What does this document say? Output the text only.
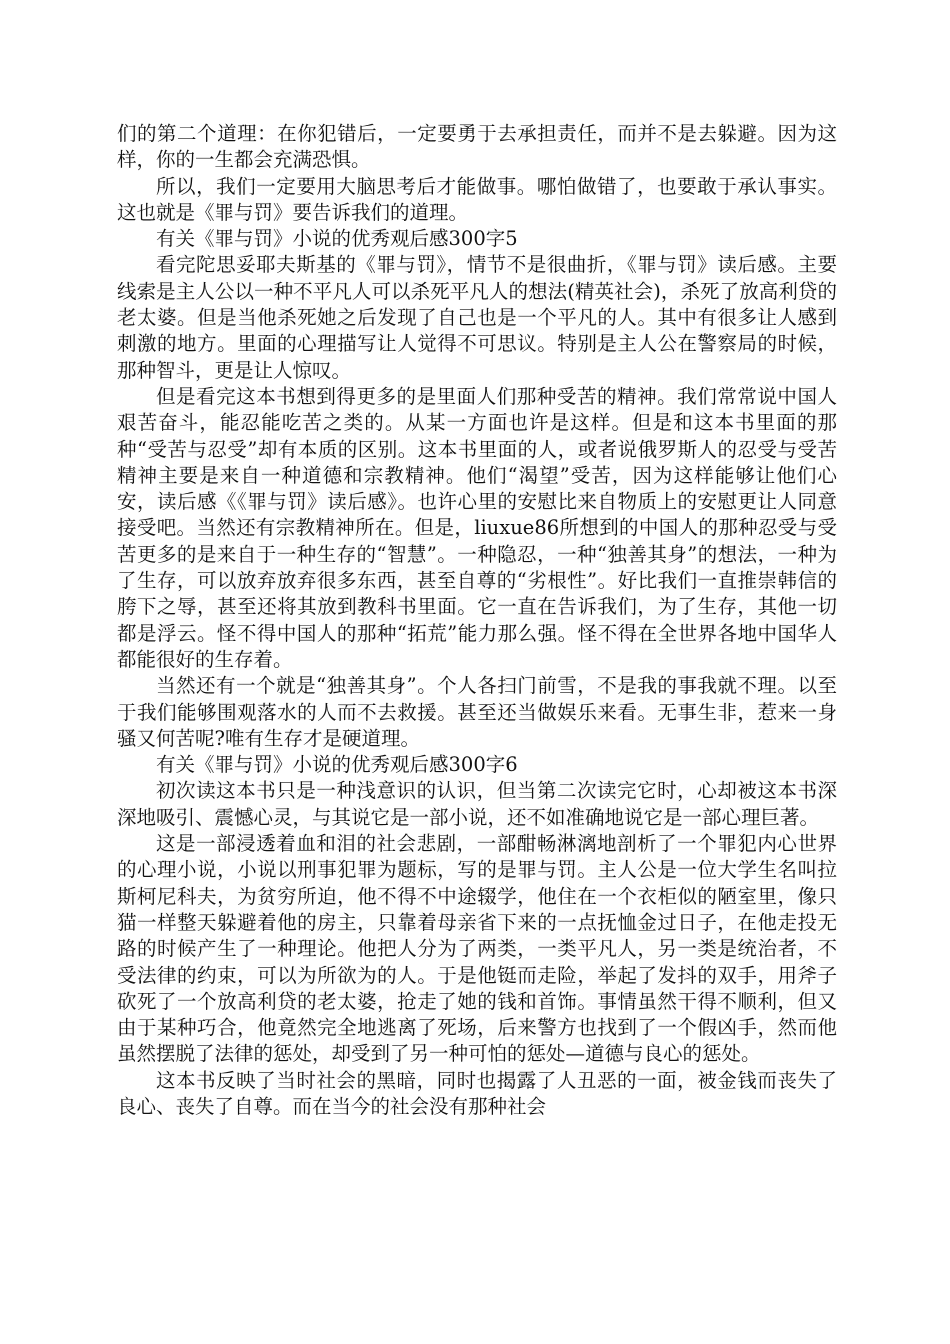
们的第二个道理：在你犯错后，一定要勇于去承担责任，而并不是去躲避。因为这样，你的一生都会充满恐惧。

所以，我们一定要用大脑思考后才能做事。哪怕做错了，也要敢于承认事实。这也就是《罪与罚》要告诉我们的道理。

有关《罪与罚》小说的优秀观后感300字5

看完陀思妥耶夫斯基的《罪与罚》，情节不是很曲折，《罪与罚》读后感。主要线索是主人公以一种不平凡人可以杀死平凡人的想法(精英社会)，杀死了放高利贷的老太婆。但是当他杀死她之后发现了自己也是一个平凡的人。其中有很多让人感到刺激的地方。里面的心理描写让人觉得不可思议。特别是主人公在警察局的时候，那种智斗，更是让人惊叹。

但是看完这本书想到得更多的是里面人们那种受苦的精神。我们常常说中国人艰苦奋斗，能忍能吃苦之类的。从某一方面也许是这样。但是和这本书里面的那种“受苦与忍受”却有本质的区别。这本书里面的人，或者说俄罗斯人的忍受与受苦精神主要是来自一种道德和宗教精神。他们“渴望”受苦，因为这样能够让他们心安，读后感《《罪与罚》读后感》。也许心里的安慰比来自物质上的安慰更让人同意接受吧。当然还有宗教精神所在。但是，liuxue86所想到的中国人的那种忍受与受苦更多的是来自于一种生存的“智慧”。一种隐忍，一种“独善其身”的想法，一种为了生存，可以放弃放弃很多东西，甚至自尊的“劣根性”。好比我们一直推崇韩信的胯下之辱，甚至还将其放到教科书里面。它一直在告诉我们，为了生存，其他一切都是浮云。怪不得中国人的那种“拓荒”能力那么强。怪不得在全世界各地中国华人都能很好的生存着。

当然还有一个就是“独善其身”。个人各扫门前雪，不是我的事我就不理。以至于我们能够围观落水的人而不去救援。甚至还当做娱乐来看。无事生非，惹来一身骚又何苦呢?唯有生存才是硬道理。

有关《罪与罚》小说的优秀观后感300字6

初次读这本书只是一种浅意识的认识，但当第二次读完它时，心却被这本书深深地吸引、震憾心灵，与其说它是一部小说，还不如准确地说它是一部心理巨著。

这是一部浸透着血和泪的社会悲剧，一部酣畅淋漓地剖析了一个罪犯内心世界的心理小说，小说以刑事犯罪为题标，写的是罪与罚。主人公是一位大学生名叫拉斯柯尼科夫，为贫穷所迫，他不得不中途辍学，他住在一个衣柜似的陋室里，像只猫一样整天躲避着他的房主，只靠着母亲省下来的一点抚恤金过日子，在他走投无路的时候产生了一种理论。他把人分为了两类，一类平凡人，另一类是统治者，不受法律的约束，可以为所欲为的人。于是他铤而走险，举起了发抖的双手，用斧子砍死了一个放高利贷的老太婆，抢走了她的钱和首饰。事情虽然干得不顺利，但又由于某种巧合，他竟然完全地逃离了死场，后来警方也找到了一个假凶手，然而他虽然摆脱了法律的惩处，却受到了另一种可怕的惩处—道德与良心的惩处。

这本书反映了当时社会的黑暗，同时也揭露了人丑恶的一面，被金钱而丧失了良心、丧失了自尊。而在当今的社会没有那种社会
